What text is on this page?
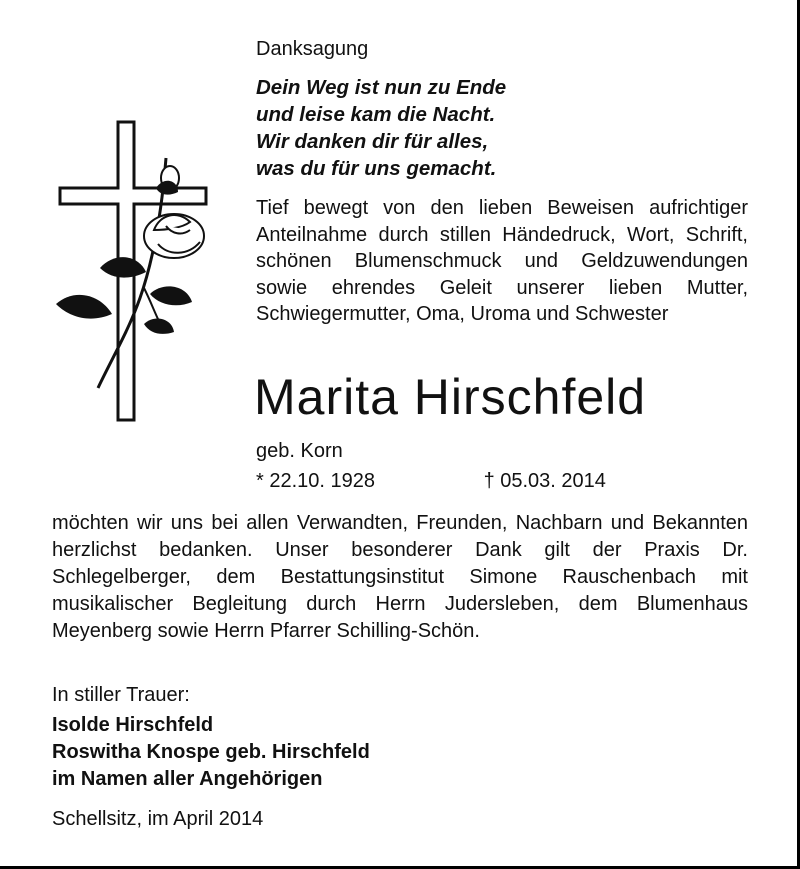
Danksagung
Dein Weg ist nun zu Ende
und leise kam die Nacht.
Wir danken dir für alles,
was du für uns gemacht.
Tief bewegt von den lieben Beweisen aufrichtiger Anteilnahme durch stillen Händedruck, Wort, Schrift, schönen Blumenschmuck und Geldzuwendungen sowie ehrendes Geleit unserer lieben Mutter, Schwiegermutter, Oma, Uroma und Schwester
Marita Hirschfeld
geb. Korn
* 22.10. 1928	† 05.03. 2014
möchten wir uns bei allen Verwandten, Freunden, Nachbarn und Bekannten herzlichst bedanken. Unser besonderer Dank gilt der Praxis Dr. Schlegelberger, dem Bestattungsinstitut Simone Rauschenbach mit musikalischer Begleitung durch Herrn Judersleben, dem Blumenhaus Meyenberg sowie Herrn Pfarrer Schilling-Schön.
In stiller Trauer:
Isolde Hirschfeld
Roswitha Knospe geb. Hirschfeld
im Namen aller Angehörigen
Schellsitz, im April 2014
